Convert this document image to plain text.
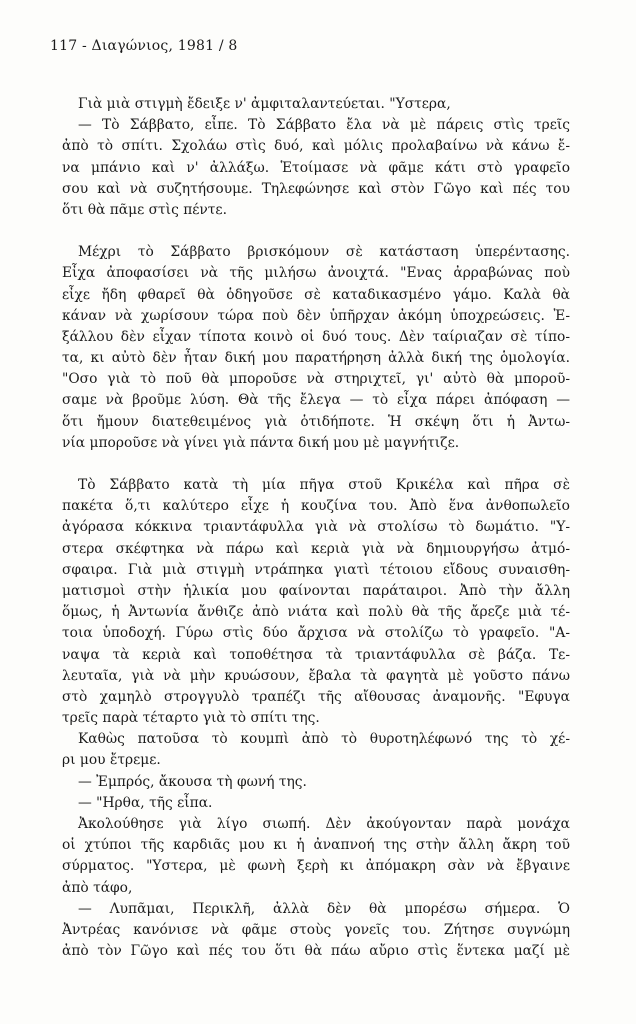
117 - Διαγώνιος, 1981 / 8
Γιὰ μιὰ στιγμὴ ἔδειξε ν' ἀμφιταλαντεύεται. "Υστερα,
— Τὸ Σάββατο, εἶπε. Τὸ Σάββατο ἔλα νὰ μὲ πάρεις στὶς τρεῖς
ἀπὸ τὸ σπίτι. Σχολάω στὶς δυό, καὶ μόλις προλαβαίνω νὰ κάνω ἔ-
να μπάνιο καὶ ν' ἀλλάξω. Ἑτοίμασε νὰ φᾶμε κάτι στὸ γραφεῖο
σου καὶ νὰ συζητήσουμε. Τηλεφώνησε καὶ στὸν Γῶγο καὶ πές του
ὅτι θὰ πᾶμε στὶς πέντε.
Μέχρι τὸ Σάββατο βρισκόμουν σὲ κατάσταση ὑπερέντασης.
Εἶχα ἀποφασίσει νὰ τῆς μιλήσω ἀνοιχτά. "Ενας ἀρραβώνας ποὺ
εἶχε ἤδη φθαρεῖ θὰ ὁδηγοῦσε σὲ καταδικασμένο γάμο. Καλὰ θὰ
κάναν νὰ χωρίσουν τώρα ποὺ δὲν ὑπῆρχαν ἀκόμη ὑποχρεώσεις. Ἐ-
ξάλλου δὲν εἶχαν τίποτα κοινὸ οἱ δυό τους. Δὲν ταίριαζαν σὲ τίπο-
τα, κι αὐτὸ δὲν ἦταν δική μου παρατήρηση ἀλλὰ δική της ὁμολογία.
"Οσο γιὰ τὸ ποῦ θὰ μποροῦσε νὰ στηριχτεῖ, γι' αὐτὸ θὰ μποροῦ-
σαμε νὰ βροῦμε λύση. Θὰ τῆς ἔλεγα — τὸ εἶχα πάρει ἀπόφαση —
ὅτι ἤμουν διατεθειμένος γιὰ ὁτιδήποτε. Ἡ σκέψη ὅτι ἡ Ἀντω-
νία μποροῦσε νὰ γίνει γιὰ πάντα δική μου μὲ μαγνήτιζε.
Τὸ Σάββατο κατὰ τὴ μία πῆγα στοῦ Κρικέλα καὶ πῆρα σὲ
πακέτα ὅ,τι καλύτερο εἶχε ἡ κουζίνα του. Ἀπὸ ἕνα ἀνθοπωλεῖο
ἀγόρασα κόκκινα τριαντάφυλλα γιὰ νὰ στολίσω τὸ δωμάτιο. "Υ-
στερα σκέφτηκα νὰ πάρω καὶ κεριὰ γιὰ νὰ δημιουργήσω ἀτμό-
σφαιρα. Γιὰ μιὰ στιγμὴ ντράπηκα γιατὶ τέτοιου εἴδους συναισθη-
ματισμοὶ στὴν ἡλικία μου φαίνονται παράταιροι. Ἀπὸ τὴν ἄλλη
ὅμως, ἡ Ἀντωνία ἄνθιζε ἀπὸ νιάτα καὶ πολὺ θὰ τῆς ἄρεζε μιὰ τέ-
τοια ὑποδοχή. Γύρω στὶς δύο ἄρχισα νὰ στολίζω τὸ γραφεῖο. "Α-
ναψα τὰ κεριὰ καὶ τοποθέτησα τὰ τριαντάφυλλα σὲ βάζα. Τε-
λευταῖα, γιὰ νὰ μὴν κρυώσουν, ἔβαλα τὰ φαγητὰ μὲ γοῦστο πάνω
στὸ χαμηλὸ στρογγυλὸ τραπέζι τῆς αἴθουσας ἀναμονῆς. "Εφυγα
τρεῖς παρὰ τέταρτο γιὰ τὸ σπίτι της.
Καθὼς πατοῦσα τὸ κουμπὶ ἀπὸ τὸ θυροτηλέφωνό της τὸ χέ-
ρι μου ἔτρεμε.
— Ἐμπρός, ἄκουσα τὴ φωνή της.
— "Ηρθα, τῆς εἶπα.
Ἀκολούθησε γιὰ λίγο σιωπή. Δὲν ἀκούγονταν παρὰ μονάχα
οἱ χτύποι τῆς καρδιᾶς μου κι ἡ ἀναπνοή της στὴν ἄλλη ἄκρη τοῦ
σύρματος. "Υστερα, μὲ φωνὴ ξερὴ κι ἀπόμακρη σὰν νὰ ἔβγαινε
ἀπὸ τάφο,
— Λυπᾶμαι, Περικλῆ, ἀλλὰ δὲν θὰ μπορέσω σήμερα. Ὁ
Ἀντρέας κανόνισε νὰ φᾶμε στοὺς γονεῖς του. Ζήτησε συγνώμη
ἀπὸ τὸν Γῶγο καὶ πές του ὅτι θὰ πάω αὔριο στὶς ἕντεκα μαζί μὲ
